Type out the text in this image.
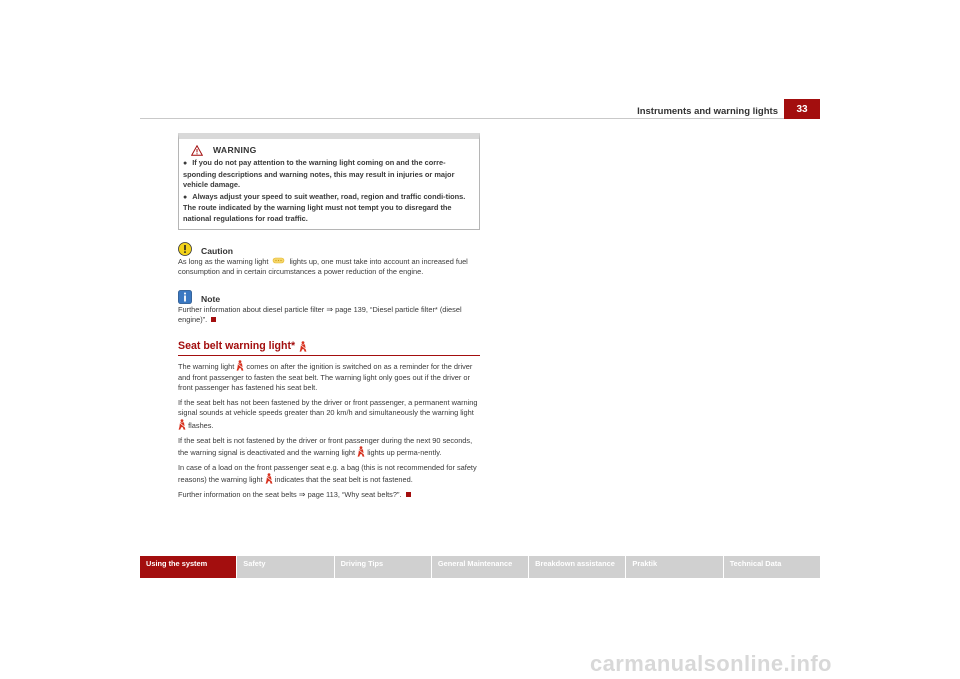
Instruments and warning lights	33
WARNING
● If you do not pay attention to the warning light coming on and the corre-sponding descriptions and warning notes, this may result in injuries or major vehicle damage.
● Always adjust your speed to suit weather, road, region and traffic condi-tions. The route indicated by the warning light must not tempt you to disregard the national regulations for road traffic.
Caution
As long as the warning light	lights up, one must take into account an increased fuel consumption and in certain circumstances a power reduction of the engine.
Note
Further information about diesel particle filter ⇒ page 139, “Diesel particle filter* (diesel engine)”.
Seat belt warning light*

The warning light comes on after the ignition is switched on as a reminder for the driver and front passenger to fasten the seat belt. The warning light only goes out if the driver or front passenger has fastened his seat belt.

If the seat belt has not been fastened by the driver or front passenger, a permanent warning signal sounds at vehicle speeds greater than 20 km/h and simultaneously the warning light  flashes.

If the seat belt is not fastened by the driver or front passenger during the next 90 seconds, the warning signal is deactivated and the warning light lights up perma-nently.

In case of a load on the front passenger seat e.g. a bag (this is not recommended for safety reasons) the warning light indicates that the seat belt is not fastened.

Further information on the seat belts ⇒ page 113, “Why seat belts?”.

Using the system	Safety	Driving Tips	General Maintenance	Breakdown assistance	Praktik	Technical Data
carmanualsonline.info
